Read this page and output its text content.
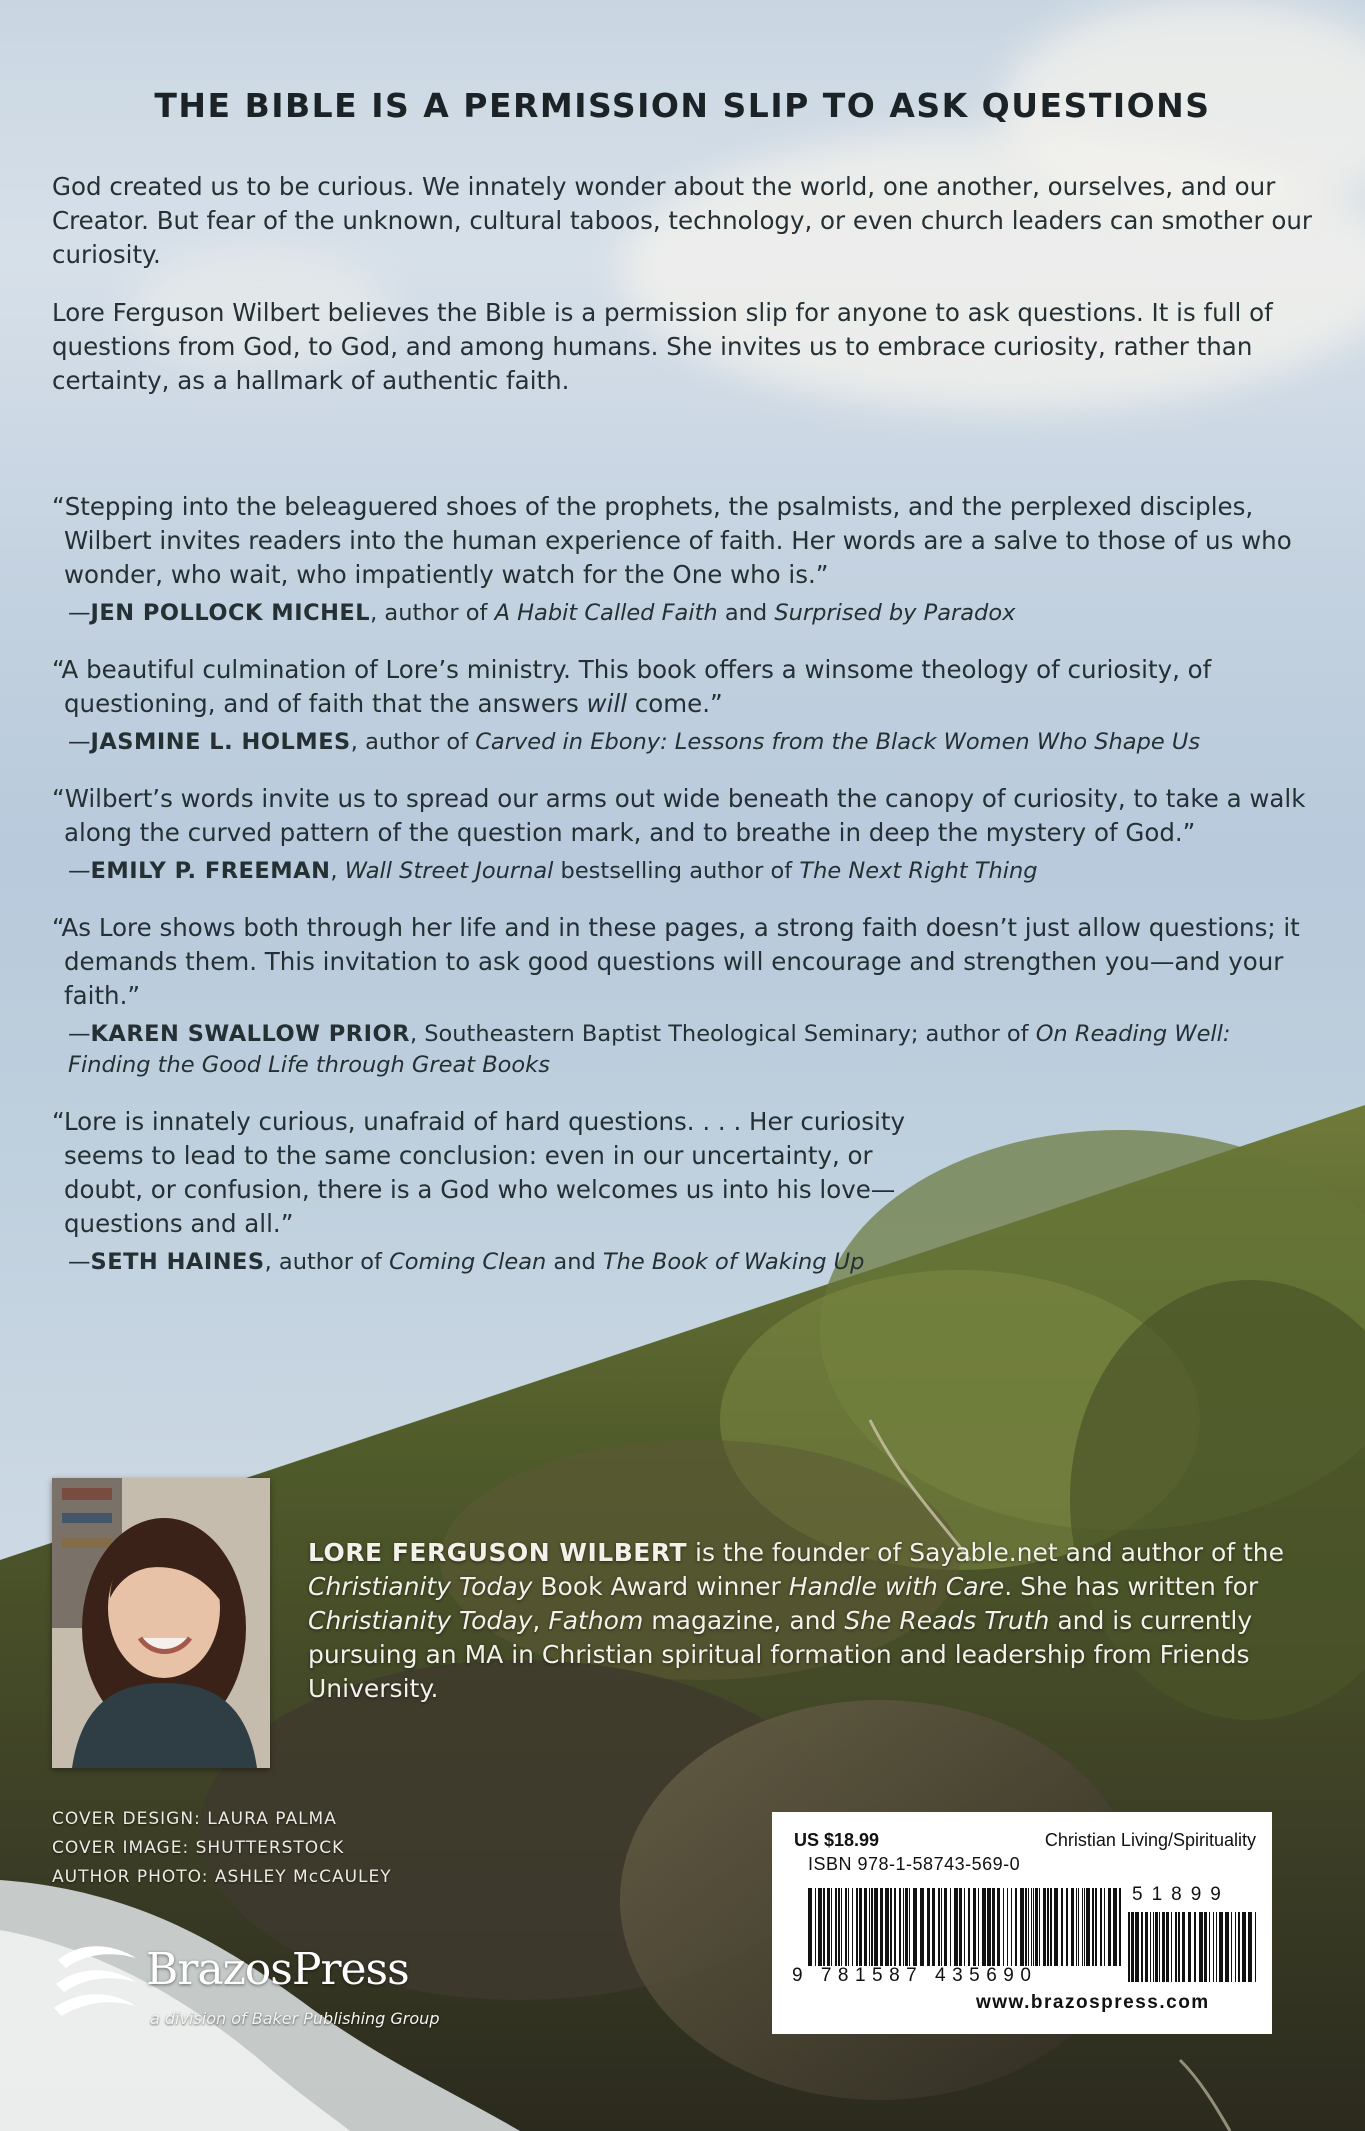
THE BIBLE IS A PERMISSION SLIP TO ASK QUESTIONS

God created us to be curious. We innately wonder about the world, one another, ourselves, and our Creator. But fear of the unknown, cultural taboos, technology, or even church leaders can smother our curiosity.

Lore Ferguson Wilbert believes the Bible is a permission slip for anyone to ask questions. It is full of questions from God, to God, and among humans. She invites us to embrace curiosity, rather than certainty, as a hallmark of authentic faith.

“Stepping into the beleaguered shoes of the prophets, the psalmists, and the perplexed disciples, Wilbert invites readers into the human experience of faith. Her words are a salve to those of us who wonder, who wait, who impatiently watch for the One who is.”

—JEN POLLOCK MICHEL, author of A Habit Called Faith and Surprised by Paradox

“A beautiful culmination of Lore’s ministry. This book offers a winsome theology of curiosity, of questioning, and of faith that the answers will come.”

—JASMINE L. HOLMES, author of Carved in Ebony: Lessons from the Black Women Who Shape Us

“Wilbert’s words invite us to spread our arms out wide beneath the canopy of curiosity, to take a walk along the curved pattern of the question mark, and to breathe in deep the mystery of God.”

—EMILY P. FREEMAN, Wall Street Journal bestselling author of The Next Right Thing

“As Lore shows both through her life and in these pages, a strong faith doesn’t just allow questions; it demands them. This invitation to ask good questions will encourage and strengthen you—and your faith.”

—KAREN SWALLOW PRIOR, Southeastern Baptist Theological Seminary; author of On Reading Well: Finding the Good Life through Great Books

“Lore is innately curious, unafraid of hard questions. . . . Her curiosity seems to lead to the same conclusion: even in our uncertainty, or doubt, or confusion, there is a God who welcomes us into his love—questions and all.”

—SETH HAINES, author of Coming Clean and The Book of Waking Up

LORE FERGUSON WILBERT is the founder of Sayable.net and author of the Christianity Today Book Award winner Handle with Care. She has written for Christianity Today, Fathom magazine, and She Reads Truth and is currently pursuing an MA in Christian spiritual formation and leadership from Friends University.
COVER DESIGN: LAURA PALMA
COVER IMAGE: SHUTTERSTOCK
AUTHOR PHOTO: ASHLEY McCAULEY
BrazosPress
a division of Baker Publishing Group
US $18.99	Christian Living/Spirituality
ISBN 978-1-58743-569-0
51899
9 781587 435690
www.brazospress.com
